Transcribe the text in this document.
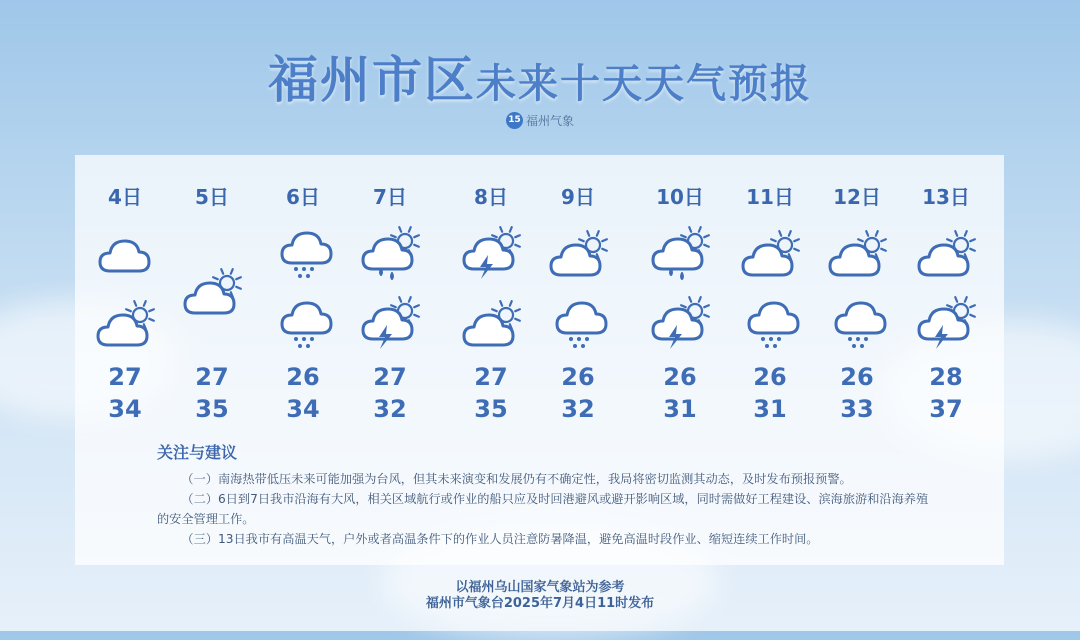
福州市区未来十天天气预报
15 福州气象
4日
27
34
5日
27
35
6日
26
34
7日
27
32
8日
27
35
9日
26
32
10日
26
31
11日
26
31
12日
26
33
13日
28
37
关注与建议

（一）南海热带低压未来可能加强为台风，但其未来演变和发展仍有不确定性，我局将密切监测其动态，及时发布预报预警。

（二）6日到7日我市沿海有大风，相关区域航行或作业的船只应及时回港避风或避开影响区域，同时需做好工程建设、滨海旅游和沿海养殖的安全管理工作。

（三）13日我市有高温天气，户外或者高温条件下的作业人员注意防暑降温，避免高温时段作业、缩短连续工作时间。

以福州乌山国家气象站为参考
福州市气象台2025年7月4日11时发布
